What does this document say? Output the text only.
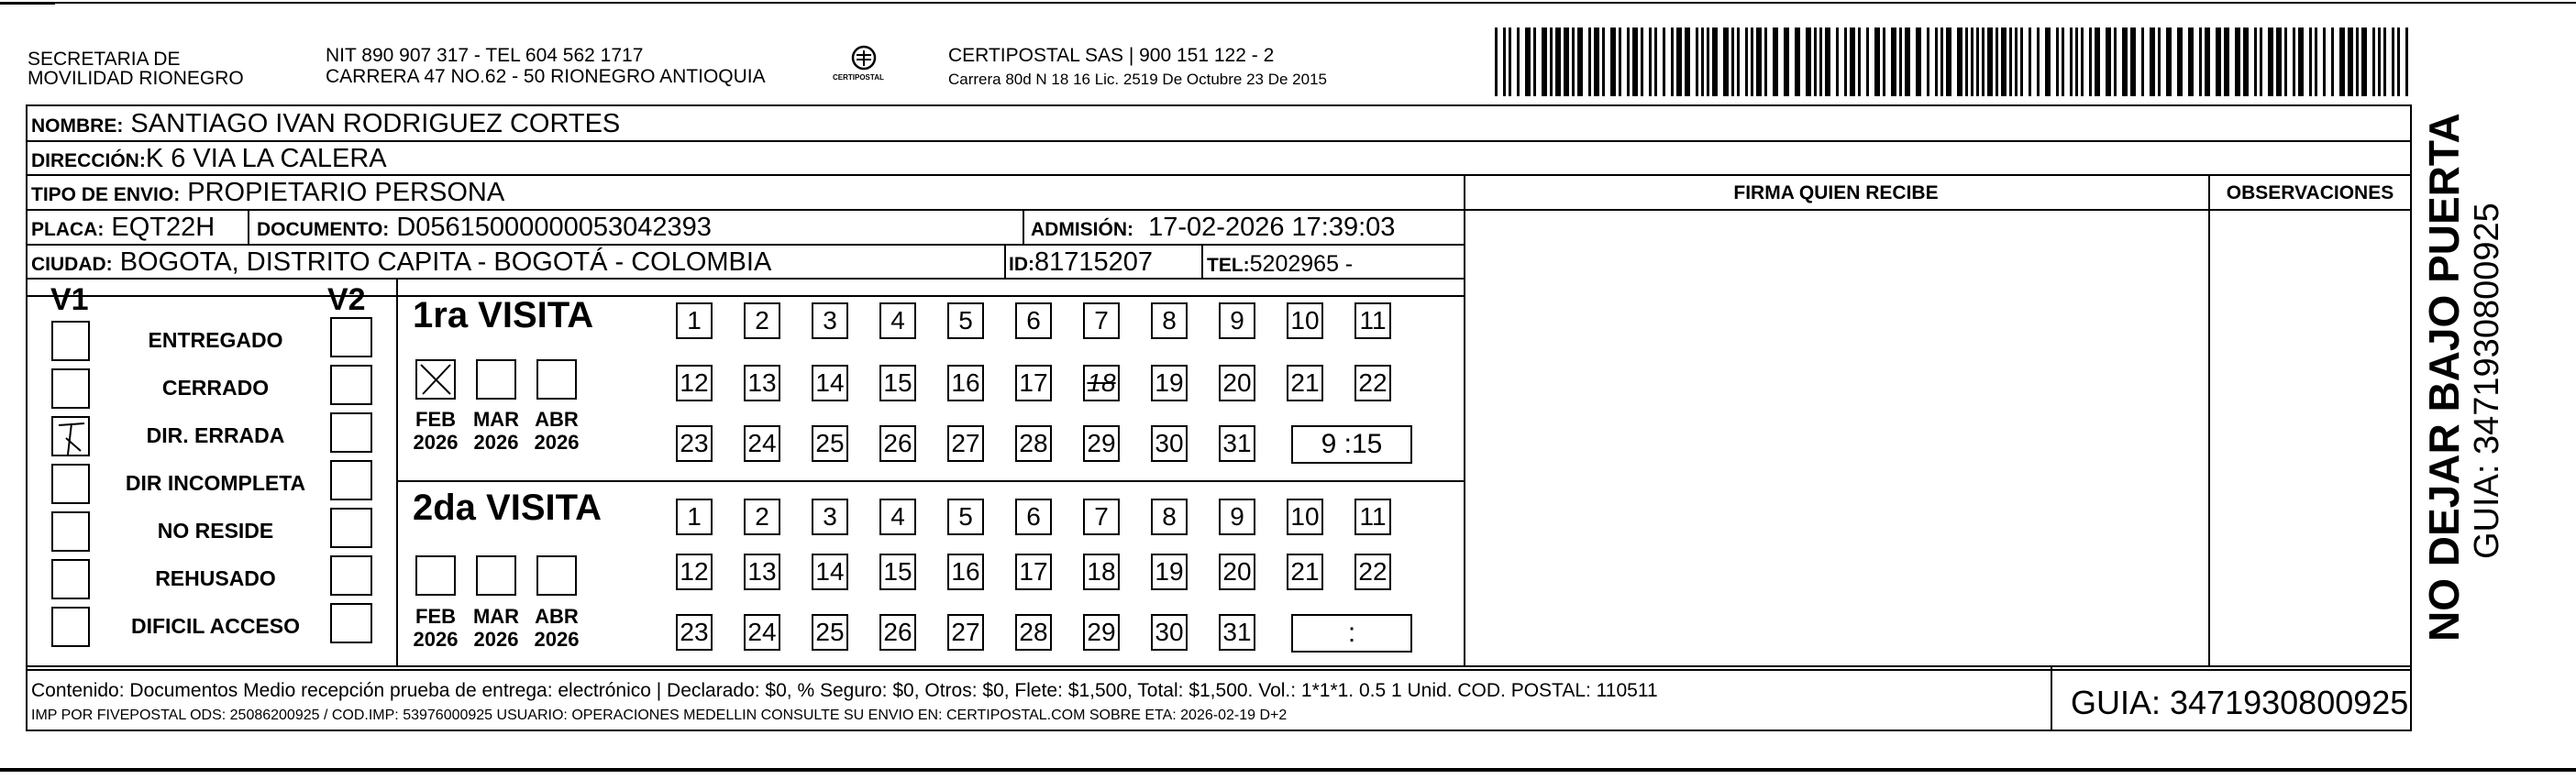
SECRETARIA DE
MOVILIDAD RIONEGRO
NIT 890 907 317 - TEL 604 562 1717
CARRERA 47 NO.62 - 50 RIONEGRO ANTIOQUIA	CERTIPOSTAL
CERTIPOSTAL SAS | 900 151 122 - 2
Carrera 80d N 18 16 Lic. 2519 De Octubre 23 De 2015
NOMBRE: SANTIAGO IVAN RODRIGUEZ CORTES
DIRECCIÓN:K 6 VIA LA CALERA
TIPO DE ENVIO: PROPIETARIO PERSONA	FIRMA QUIEN RECIBE	OBSERVACIONES
PLACA: EQT22H DOCUMENTO: D05615000000053042393	ADMISIÓN: 17-02-2026 17:39:03
CIUDAD: BOGOTA, DISTRITO CAPITA - BOGOTÁ - COLOMBIA	ID:81715207	TEL:5202965 -
V1	V2
ENTREGADO
CERRADO
DIR. ERRADA
DIR INCOMPLETA
NO RESIDE
REHUSADO
DIFICIL ACCESO
1ra VISITA
2da VISITA
FEB
2026
MAR
2026
ABR
2026
FEB
2026
MAR
2026
ABR
2026
1	2	3	4	5	6	7	8	9	10 11
12 13 14 15 16 17 18 19 20 21 22
23 24 25 26 27 28 29 30 31	9 :15
1	2	3	4	5	6	7	8	9	10 11
12 13 14 15 16 17 18 19 20 21 22
23 24 25 26 27 28 29 30 31	:	NO DEJAR BAJO PUERTA GUIA: 3471930800925
Contenido: Documentos Medio recepción prueba de entrega: electrónico | Declarado: $0, % Seguro: $0, Otros: $0, Flete: $1,500, Total: $1,500. Vol.: 1*1*1. 0.5 1 Unid. COD. POSTAL: 110511
IMP POR FIVEPOSTAL ODS: 25086200925 / COD.IMP: 53976000925 USUARIO: OPERACIONES MEDELLIN CONSULTE SU ENVIO EN: CERTIPOSTAL.COM SOBRE ETA: 2026-02-19 D+2	GUIA: 3471930800925
